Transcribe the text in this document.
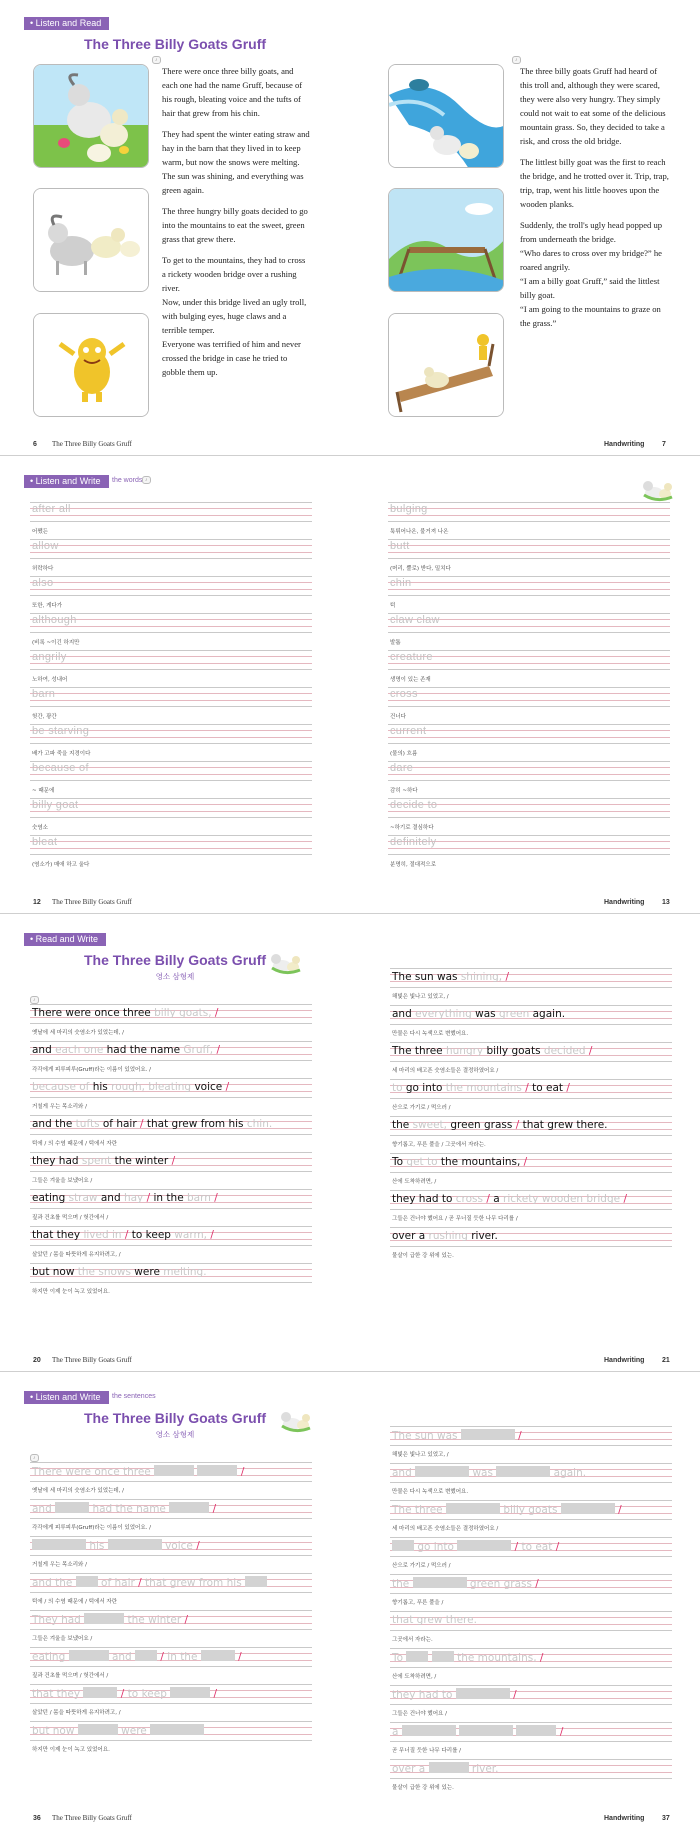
• Listen and Read
The Three Billy Goats Gruff
♪

There were once three billy goats, and each one had the name Gruff, because of his rough, bleating voice and the tufts of hair that grew from his chin.

They had spent the winter eating straw and hay in the barn that they lived in to keep warm, but now the snows were melting. The sun was shining, and everything was green again.

The three hungry billy goats decided to go into the mountains to eat the sweet, green grass that grew there.

To get to the mountains, they had to cross a rickety wooden bridge over a rushing river.

Now, under this bridge lived an ugly troll, with bulging eyes, huge claws and a terrible temper.

Everyone was terrified of him and never crossed the bridge in case he tried to gobble them up.

6 The Three Billy Goats Gruff
♪

The three billy goats Gruff had heard of this troll and, although they were scared, they were also very hungry. They simply could not wait to eat some of the delicious mountain grass. So, they decided to take a risk, and cross the old bridge.

The littlest billy goat was the first to reach the bridge, and he trotted over it. Trip, trap, trip, trap, went his little hooves upon the wooden planks.

Suddenly, the troll's ugly head popped up from underneath the bridge.

“Who dares to cross over my bridge?” he roared angrily.

“I am a billy goat Gruff,” said the littlest billy goat.

“I am going to the mountains to graze on the grass.”

Handwriting	7
• Listen and Write	the words ♪
after all
어쨌든
allow
허락하다
also
또한, 게다가
although
(비록 ~이긴 하지만
angrily
노하여, 성내어
barn
헛간, 광간
be starving
배가 고파 죽을 지경이다
because of
~ 때문에
billy goat
숫염소
bleat
(염소가) 매애 하고 울다
12 The Three Billy Goats Gruff
bulging
툭튀어나온, 불거져 나온
butt
(머리, 뿔로) 받다, 밀치다
chin
턱
claw claw
발톱
creature
생명이 있는 존재
cross
건너다
current
(물의) 흐름
dare
감히 ~하다
decide to
~하기로 결심하다
definitely
분명히, 절대적으로
Handwriting	13
• Read and Write
The Three Billy Goats Gruff
영소 삼형제
♪
There were once three billy goats, /
옛날에 세 마리의 숫염소가 있었는데, /
and each one had the name Gruff, /
각각에게 피루피루(Gruff)라는 이름이 있었어요. /
because of his rough, bleating voice /
거칠게 우는 목소리와 /
and the tufts of hair / that grew from his chin.
턱에 / 의 수염 때문에 / 턱에서 자란
they had spent the winter /
그들은 겨울을 보냈어요 /
eating straw and hay / in the barn /
짚과 건초를 먹으며 / 헛간에서 /
that they lived in / to keep warm, /
살았던 / 몸을 따뜻하게 유지하려고, /
but now the snows were melting.
하지만 이제 눈이 녹고 있었어요.
20 The Three Billy Goats Gruff
The sun was shining, /
해빛은 빛나고 있었고, /
and everything was green again.
만물은 다시 녹색으로 변했어요.
The three hungry billy goats decided /
세 마리의 배고픈 숫염소들은 결정하였어요 /
to go into the mountains / to eat /
산으로 가기로 / 먹으러 /
the sweet, green grass / that grew there.
향기롭고, 푸른 풀을 / 그곳에서 자라는.
To get to the mountains, /
산에 도착하려면, /
they had to cross / a rickety wooden bridge /
그들은 건너야 했어요 / 곧 무너질 듯한 나무 다리를 /
over a rushing river.
물살이 급한 강 위에 있는.
Handwriting	21
• Listen and Write	the sentences
The Three Billy Goats Gruff
영소 삼형제
♪
There were once three	/
옛날에 세 마리의 숫염소가 있었는데, /
and	had the name	/
각각에게 피루피루(Gruff)라는 이름이 있었어요. /
his	voice /
거칠게 우는 목소리와 /
and the	of hair / that grew from his
턱에 / 의 수염 때문에 / 턱에서 자란
They had	the winter /
그들은 겨울을 보냈어요 /
eating	and	/ in the	/
짚과 건초를 먹으며 / 헛간에서 /
that they	/ to keep	/
살았던 / 몸을 따뜻하게 유지하려고, /
but now	were
하지만 이제 눈이 녹고 있었어요.
36 The Three Billy Goats Gruff
The sun was	/
해빛은 빛나고 있었고, /
and	was	again.
만물은 다시 녹색으로 변했어요.
The three	billy goats	/
세 마리의 배고픈 숫염소들은 결정하였어요 /
go into	/ to eat /
산으로 가기로 / 먹으러 /
the	green grass /
향기롭고, 푸른 풀을 /
that grew there.
그곳에서 자라는.
To	the mountains, /
산에 도착하려면, /
they had to	/
그들은 건너야 했어요 /
a	/
곧 무너질 듯한 나무 다리를 /
over a	river.
물살이 급한 강 위에 있는.
Handwriting	37
